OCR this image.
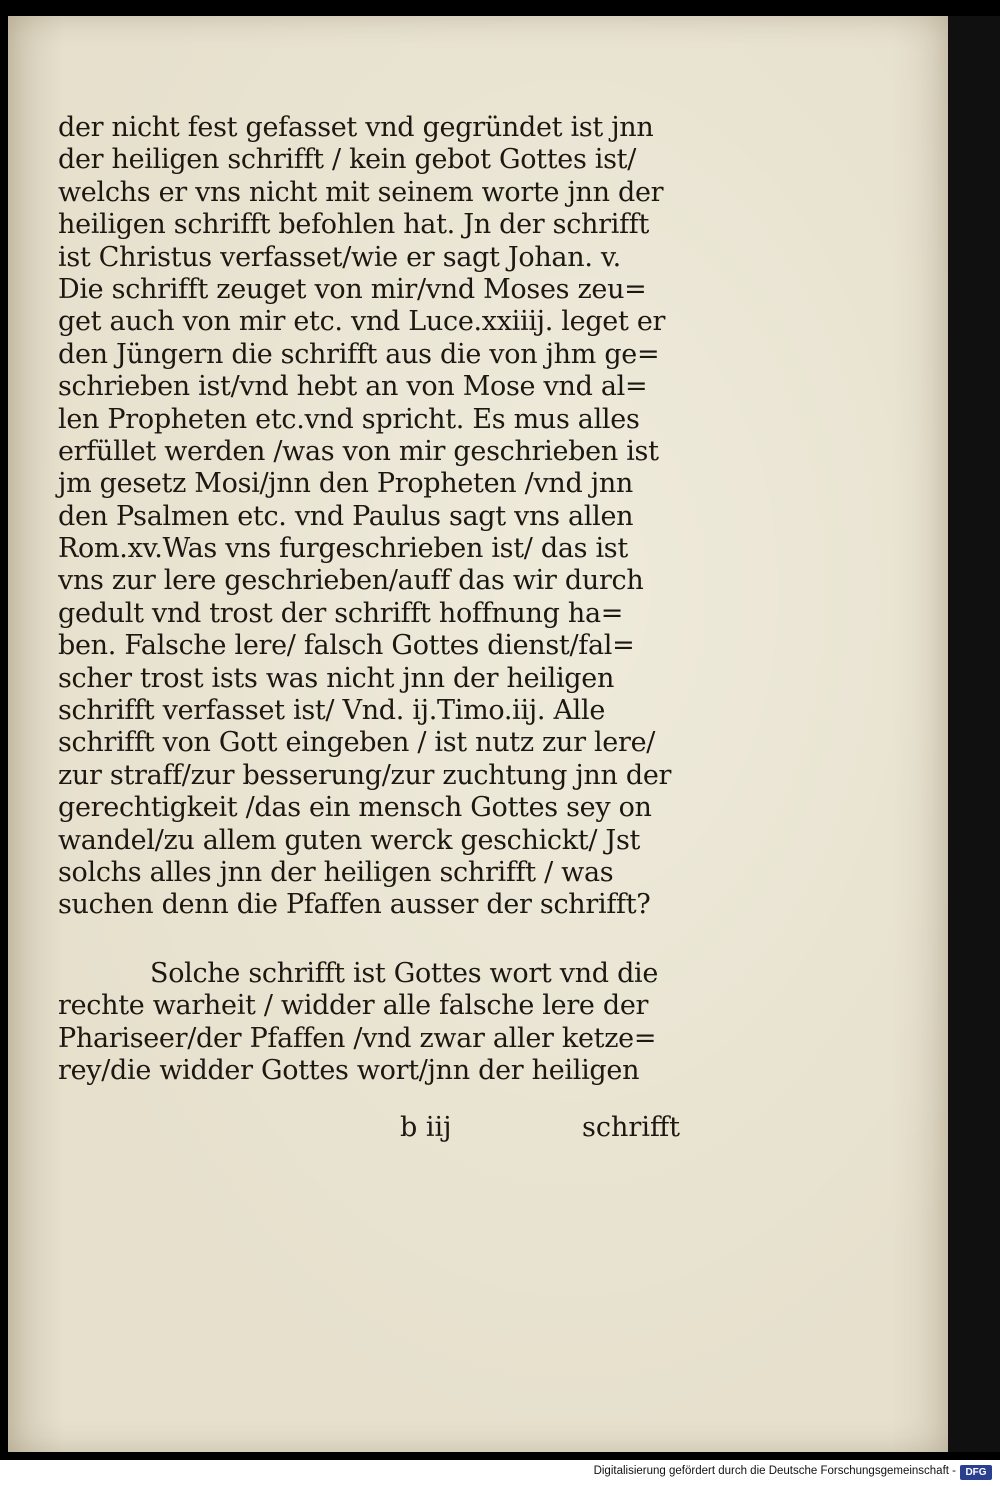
der nicht fest gefasset vnd gegründet ist jnn
der heiligen schrifft / kein gebot Gottes ist/
welchs er vns nicht mit seinem worte jnn der
heiligen schrifft befohlen hat. Jn der schrifft
ist Christus verfasset/wie er sagt Johan. v.
Die schrifft zeuget von mir/vnd Moses zeu=
get auch von mir etc. vnd Luce.xxiiij. leget er
den Jüngern die schrifft aus die von jhm ge=
schrieben ist/vnd hebt an von Mose vnd al=
len Propheten etc.vnd spricht. Es mus alles
erfüllet werden /was von mir geschrieben ist
jm gesetz Mosi/jnn den Propheten /vnd jnn
den Psalmen etc. vnd Paulus sagt vns allen
Rom.xv.Was vns furgeschrieben ist/ das ist
vns zur lere geschrieben/auff das wir durch
gedult vnd trost der schrifft hoffnung ha=
ben. Falsche lere/ falsch Gottes dienst/fal=
scher trost ists was nicht jnn der heiligen
schrifft verfasset ist/ Vnd. ij.Timo.iij. Alle
schrifft von Gott eingeben / ist nutz zur lere/
zur straff/zur besserung/zur zuchtung jnn der
gerechtigkeit /das ein mensch Gottes sey on
wandel/zu allem guten werck geschickt/ Jst
solchs alles jnn der heiligen schrifft / was
suchen denn die Pfaffen ausser der schrifft?
Solche schrifft ist Gottes wort vnd die
rechte warheit / widder alle falsche lere der
Phariseer/der Pfaffen /vnd zwar aller ketze=
rey/die widder Gottes wort/jnn der heiligen
b iij	schrifft
Digitalisierung gefördert durch die Deutsche Forschungsgemeinschaft - DFG
